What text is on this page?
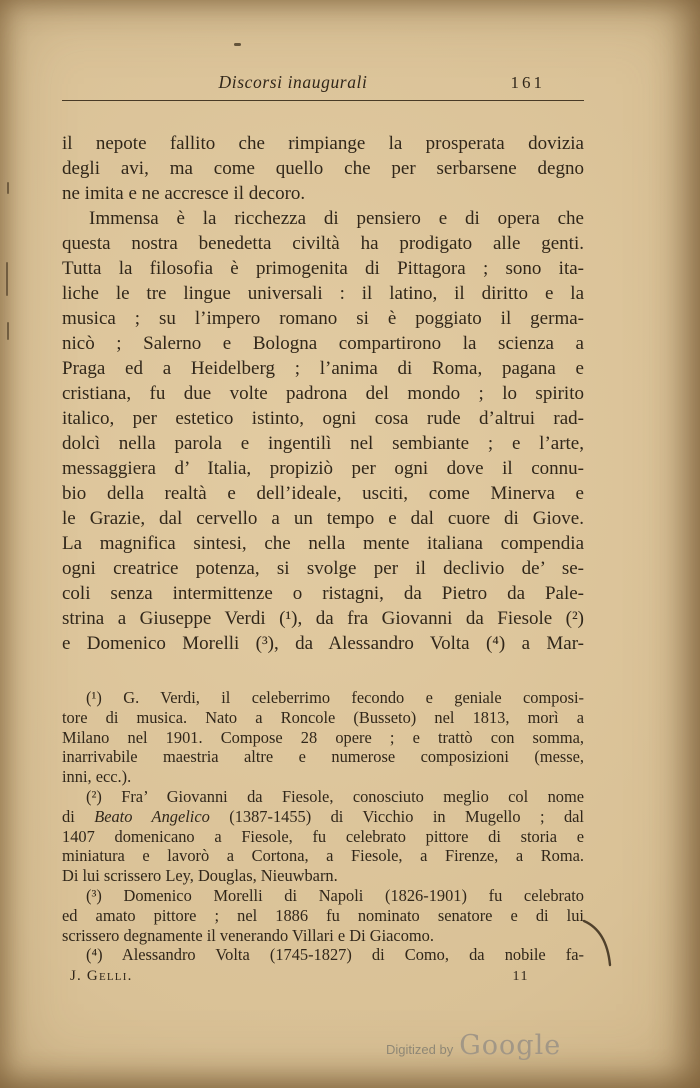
Discorsi inaugurali	161
il nepote fallito che rimpiange la prosperata dovizia
degli avi, ma come quello che per serbarsene degno
ne imita e ne accresce il decoro.
Immensa è la ricchezza di pensiero e di opera che
questa nostra benedetta civiltà ha prodigato alle genti.
Tutta la filosofia è primogenita di Pittagora ; sono ita-
liche le tre lingue universali : il latino, il diritto e la
musica ; su l’impero romano si è poggiato il germa-
nicò ; Salerno e Bologna compartirono la scienza a
Praga ed a Heidelberg ; l’anima di Roma, pagana e
cristiana, fu due volte padrona del mondo ; lo spirito
italico, per estetico istinto, ogni cosa rude d’altrui rad-
dolcì nella parola e ingentilì nel sembiante ; e l’arte,
messaggiera d’ Italia, propiziò per ogni dove il connu-
bio della realtà e dell’ideale, usciti, come Minerva e
le Grazie, dal cervello a un tempo e dal cuore di Giove.
La magnifica sintesi, che nella mente italiana compendia
ogni creatrice potenza, si svolge per il declivio de’ se-
coli senza intermittenze o ristagni, da Pietro da Pale-
strina a Giuseppe Verdi (¹), da fra Giovanni da Fiesole (²)
e Domenico Morelli (³), da Alessandro Volta (⁴) a Mar-
(¹) G. Verdi, il celeberrimo fecondo e geniale composi-
tore di musica. Nato a Roncole (Busseto) nel 1813, morì a
Milano nel 1901. Compose 28 opere ; e trattò con somma,
inarrivabile maestria altre e numerose composizioni (messe,
inni, ecc.).
(²) Fra’ Giovanni da Fiesole, conosciuto meglio col nome
di Beato Angelico (1387-1455) di Vicchio in Mugello ; dal
1407 domenicano a Fiesole, fu celebrato pittore di storia e
miniatura e lavorò a Cortona, a Fiesole, a Firenze, a Roma.
Di lui scrissero Ley, Douglas, Nieuwbarn.
(³) Domenico Morelli di Napoli (1826-1901) fu celebrato
ed amato pittore ; nel 1886 fu nominato senatore e di lui
scrissero degnamente il venerando Villari e Di Giacomo.
(⁴) Alessandro Volta (1745-1827) di Como, da nobile fa-
J. Gelli.	11
Digitized by Google
